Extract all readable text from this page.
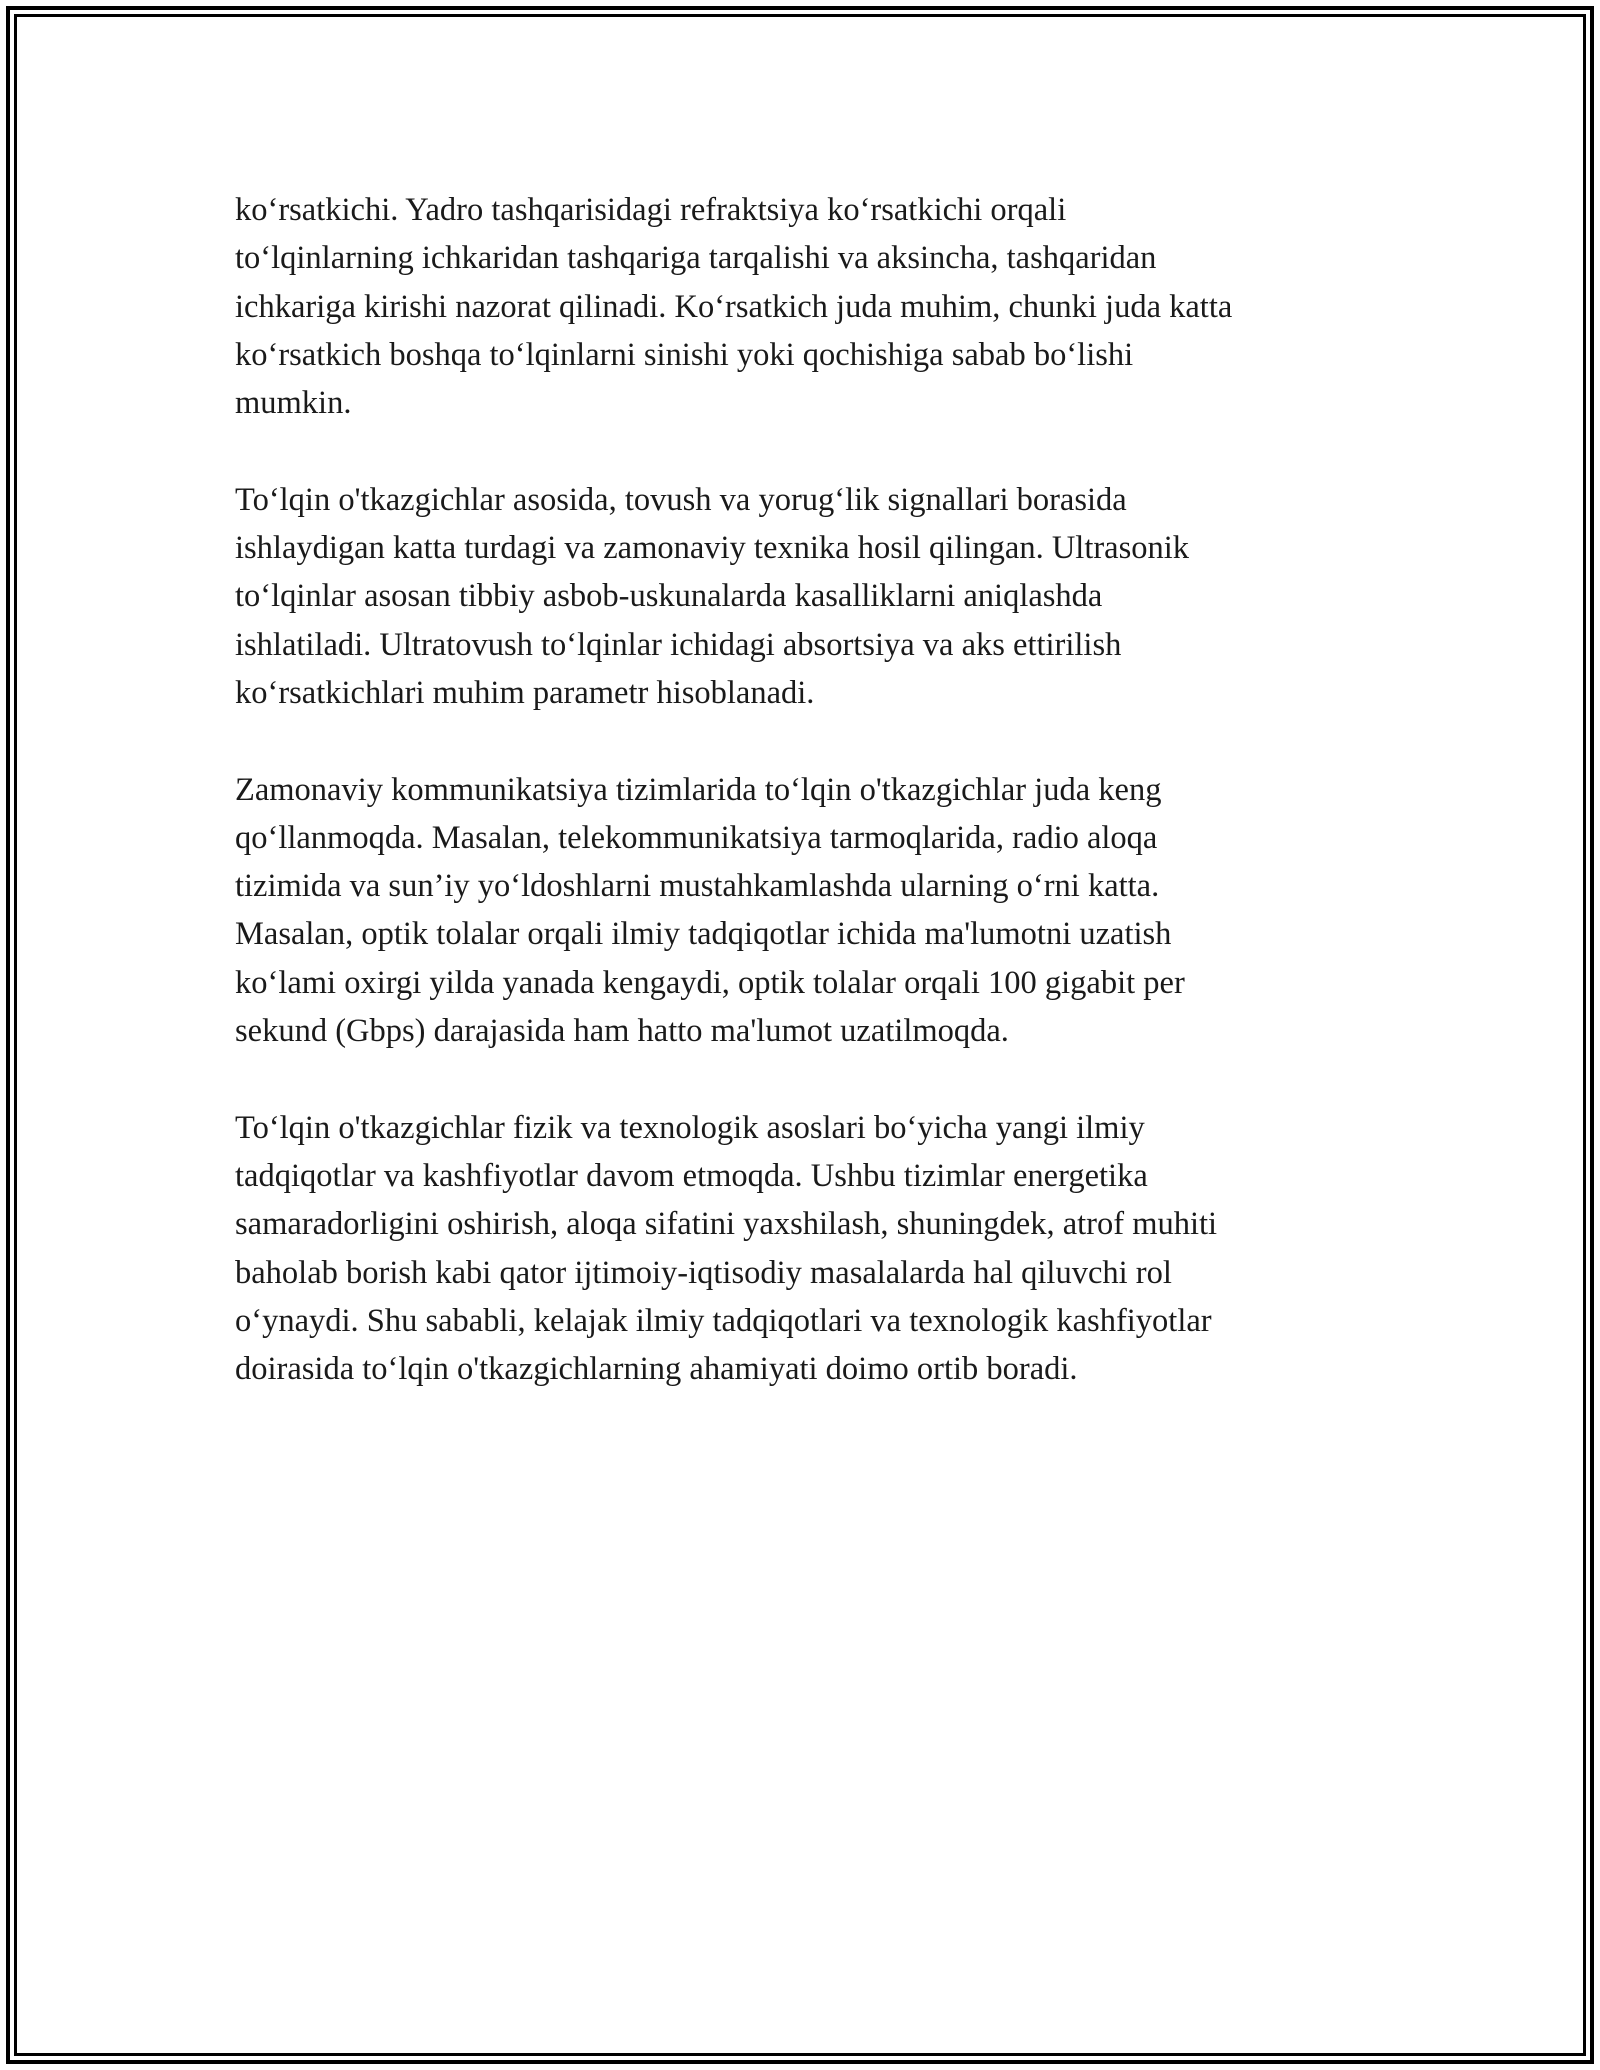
ko‘rsatkichi. Yadro tashqarisidagi refraktsiya ko‘rsatkichi orqali
to‘lqinlarning ichkaridan tashqariga tarqalishi va aksincha, tashqaridan
ichkariga kirishi nazorat qilinadi. Ko‘rsatkich juda muhim, chunki juda katta
ko‘rsatkich boshqa to‘lqinlarni sinishi yoki qochishiga sabab bo‘lishi
mumkin.

To‘lqin o'tkazgichlar asosida, tovush va yorug‘lik signallari borasida
ishlaydigan katta turdagi va zamonaviy texnika hosil qilingan. Ultrasonik
to‘lqinlar asosan tibbiy asbob-uskunalarda kasalliklarni aniqlashda
ishlatiladi. Ultratovush to‘lqinlar ichidagi absortsiya va aks ettirilish
ko‘rsatkichlari muhim parametr hisoblanadi.

Zamonaviy kommunikatsiya tizimlarida to‘lqin o'tkazgichlar juda keng
qo‘llanmoqda. Masalan, telekommunikatsiya tarmoqlarida, radio aloqa
tizimida va sun’iy yo‘ldoshlarni mustahkamlashda ularning o‘rni katta.
Masalan, optik tolalar orqali ilmiy tadqiqotlar ichida ma'lumotni uzatish
ko‘lami oxirgi yilda yanada kengaydi, optik tolalar orqali 100 gigabit per
sekund (Gbps) darajasida ham hatto ma'lumot uzatilmoqda.

To‘lqin o'tkazgichlar fizik va texnologik asoslari bo‘yicha yangi ilmiy
tadqiqotlar va kashfiyotlar davom etmoqda. Ushbu tizimlar energetika
samaradorligini oshirish, aloqa sifatini yaxshilash, shuningdek, atrof muhiti
baholab borish kabi qator ijtimoiy-iqtisodiy masalalarda hal qiluvchi rol
o‘ynaydi. Shu sababli, kelajak ilmiy tadqiqotlari va texnologik kashfiyotlar
doirasida to‘lqin o'tkazgichlarning ahamiyati doimo ortib boradi.
